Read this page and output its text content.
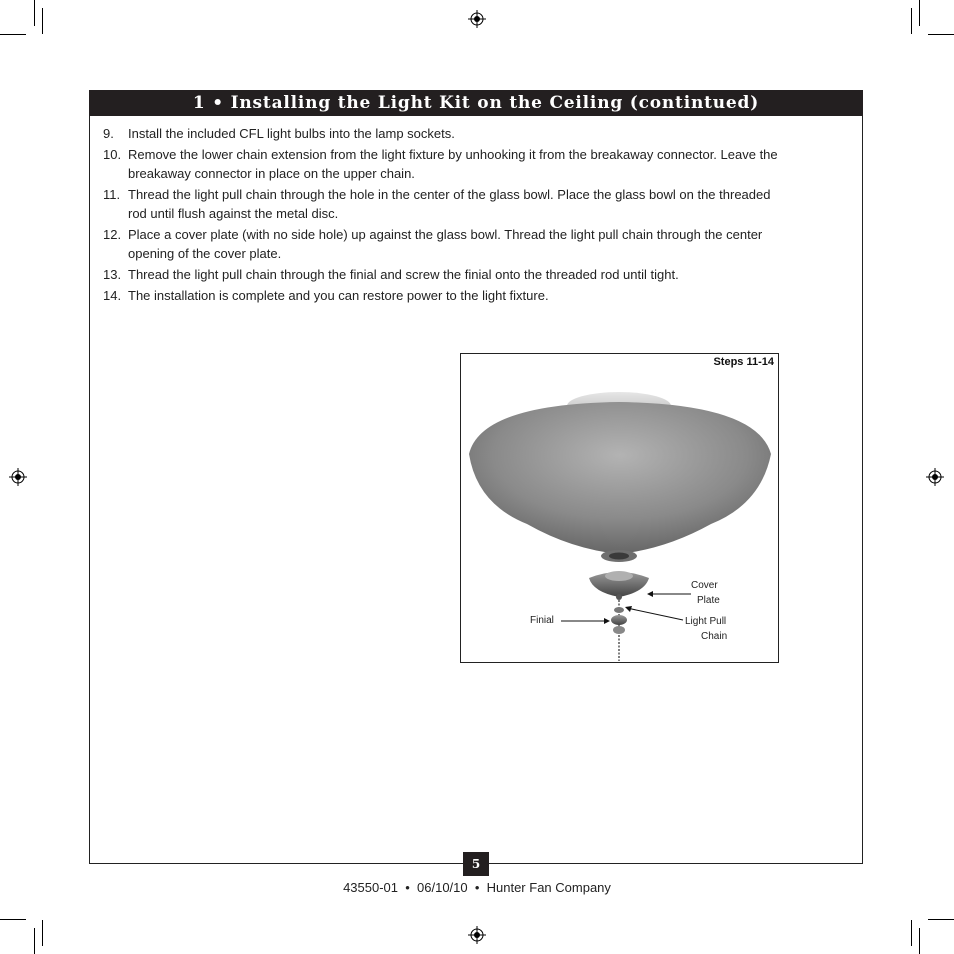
1 • Installing the Light Kit on the Ceiling (contintued)
9.	Install the included CFL light bulbs into the lamp sockets.
10. Remove the lower chain extension from the light fixture by unhooking it from the breakaway connector. Leave the breakaway connector in place on the upper chain.
11. Thread the light pull chain through the hole in the center of the glass bowl. Place the glass bowl on the threaded rod until flush against the metal disc.
12. Place a cover plate (with no side hole) up against the glass bowl. Thread the light pull chain through the center opening of the cover plate.
13. Thread the light pull chain through the finial and screw the finial onto the threaded rod until tight.
14. The installation is complete and you can restore power to the light fixture.
Steps 11-14
Cover
Plate
Light Pull
Chain
Finial
5
43550-01  •  06/10/10  •  Hunter Fan Company
